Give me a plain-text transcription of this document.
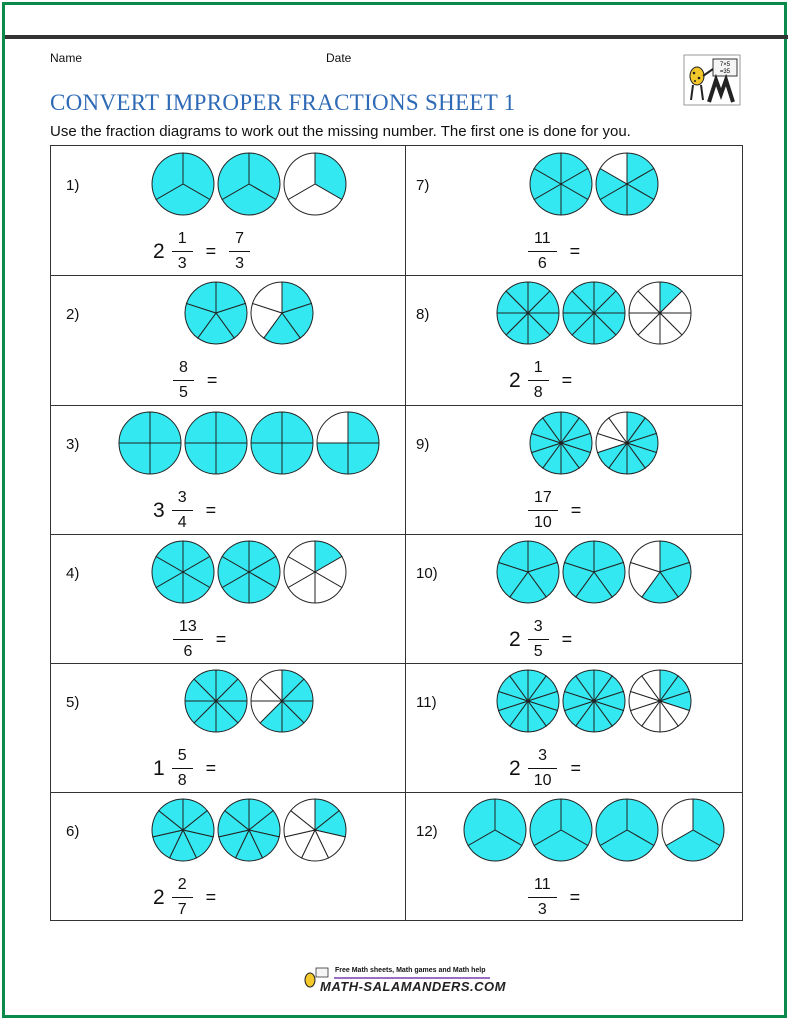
Name	Date	7×5
=35
CONVERT IMPROPER FRACTIONS SHEET 1
Use the fraction diagrams to work out the missing number. The first one is done for you.
1)
$2 \frac{1}{3} = \frac{7}{3}$
2)
$\frac{8}{5}$ =
3)
$3 \frac{3}{4}$ =
4)
$\frac{13}{6}$ =
5)
$1 \frac{5}{8}$ =
6)
$2 \frac{2}{7}$ =
7)
$\frac{11}{6}$ =
8)
$2 \frac{1}{8}$ =
9)
$\frac{17}{10}$ =
10)
$2 \frac{3}{5}$ =
11)
$2 \frac{3}{10}$ =
12)
$\frac{11}{3}$ =
Free Math sheets, Math games and Math help
MATH-SALAMANDERS.COM
